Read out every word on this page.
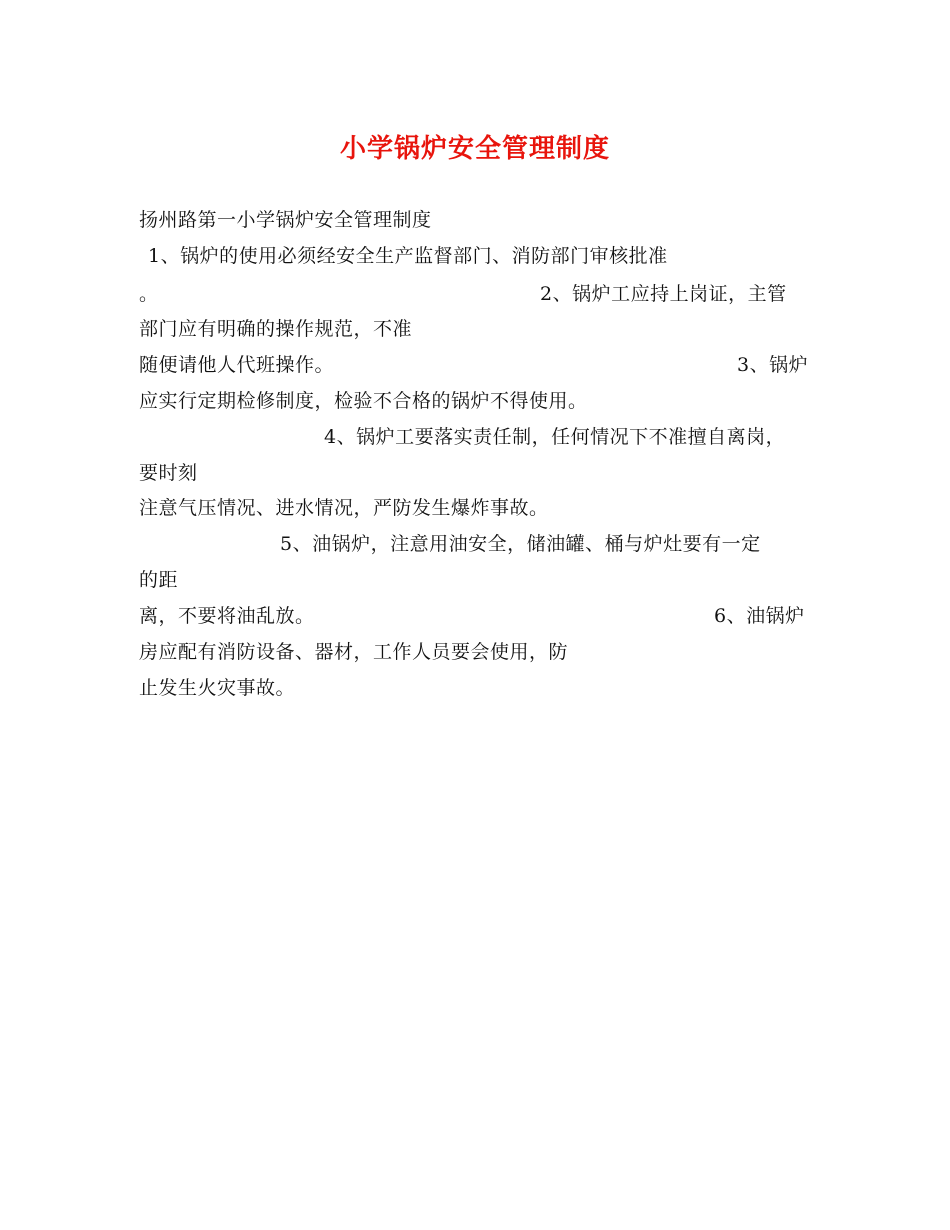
小学锅炉安全管理制度
扬州路第一小学锅炉安全管理制度
1、锅炉的使用必须经安全生产监督部门、消防部门审核批准
。	2、锅炉工应持上岗证，主管
部门应有明确的操作规范，不准
随便请他人代班操作。	3、锅炉
应实行定期检修制度，检验不合格的锅炉不得使用。
4、锅炉工要落实责任制，任何情况下不准擅自离岗，
要时刻
注意气压情况、进水情况，严防发生爆炸事故。
5、油锅炉，注意用油安全，储油罐、桶与炉灶要有一定
的距
离，不要将油乱放。	6、油锅炉
房应配有消防设备、器材，工作人员要会使用，防
止发生火灾事故。
